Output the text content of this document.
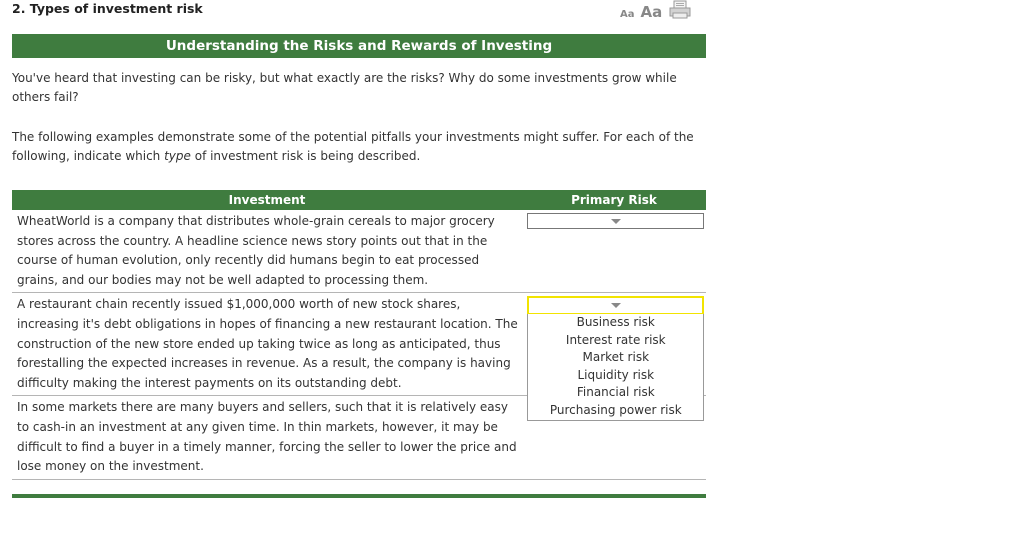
2. Types of investment risk	Aa Aa
Understanding the Risks and Rewards of Investing

You've heard that investing can be risky, but what exactly are the risks? Why do some investments grow while others fail?

The following examples demonstrate some of the potential pitfalls your investments might suffer. For each of the following, indicate which type of investment risk is being described.

Investment	Primary Risk
WheatWorld is a company that distributes whole-grain cereals to major grocery stores across the country. A headline science news story points out that in the course of human evolution, only recently did humans begin to eat processed grains, and our bodies may not be well adapted to processing them.
A restaurant chain recently issued $1,000,000 worth of new stock shares, increasing it's debt obligations in hopes of financing a new restaurant location. The construction of the new store ended up taking twice as long as anticipated, thus forestalling the expected increases in revenue. As a result, the company is having difficulty making the interest payments on its outstanding debt.
Business risk
Interest rate risk
Market risk
Liquidity risk
Financial risk
Purchasing power risk
In some markets there are many buyers and sellers, such that it is relatively easy to cash-in an investment at any given time. In thin markets, however, it may be difficult to find a buyer in a timely manner, forcing the seller to lower the price and lose money on the investment.
